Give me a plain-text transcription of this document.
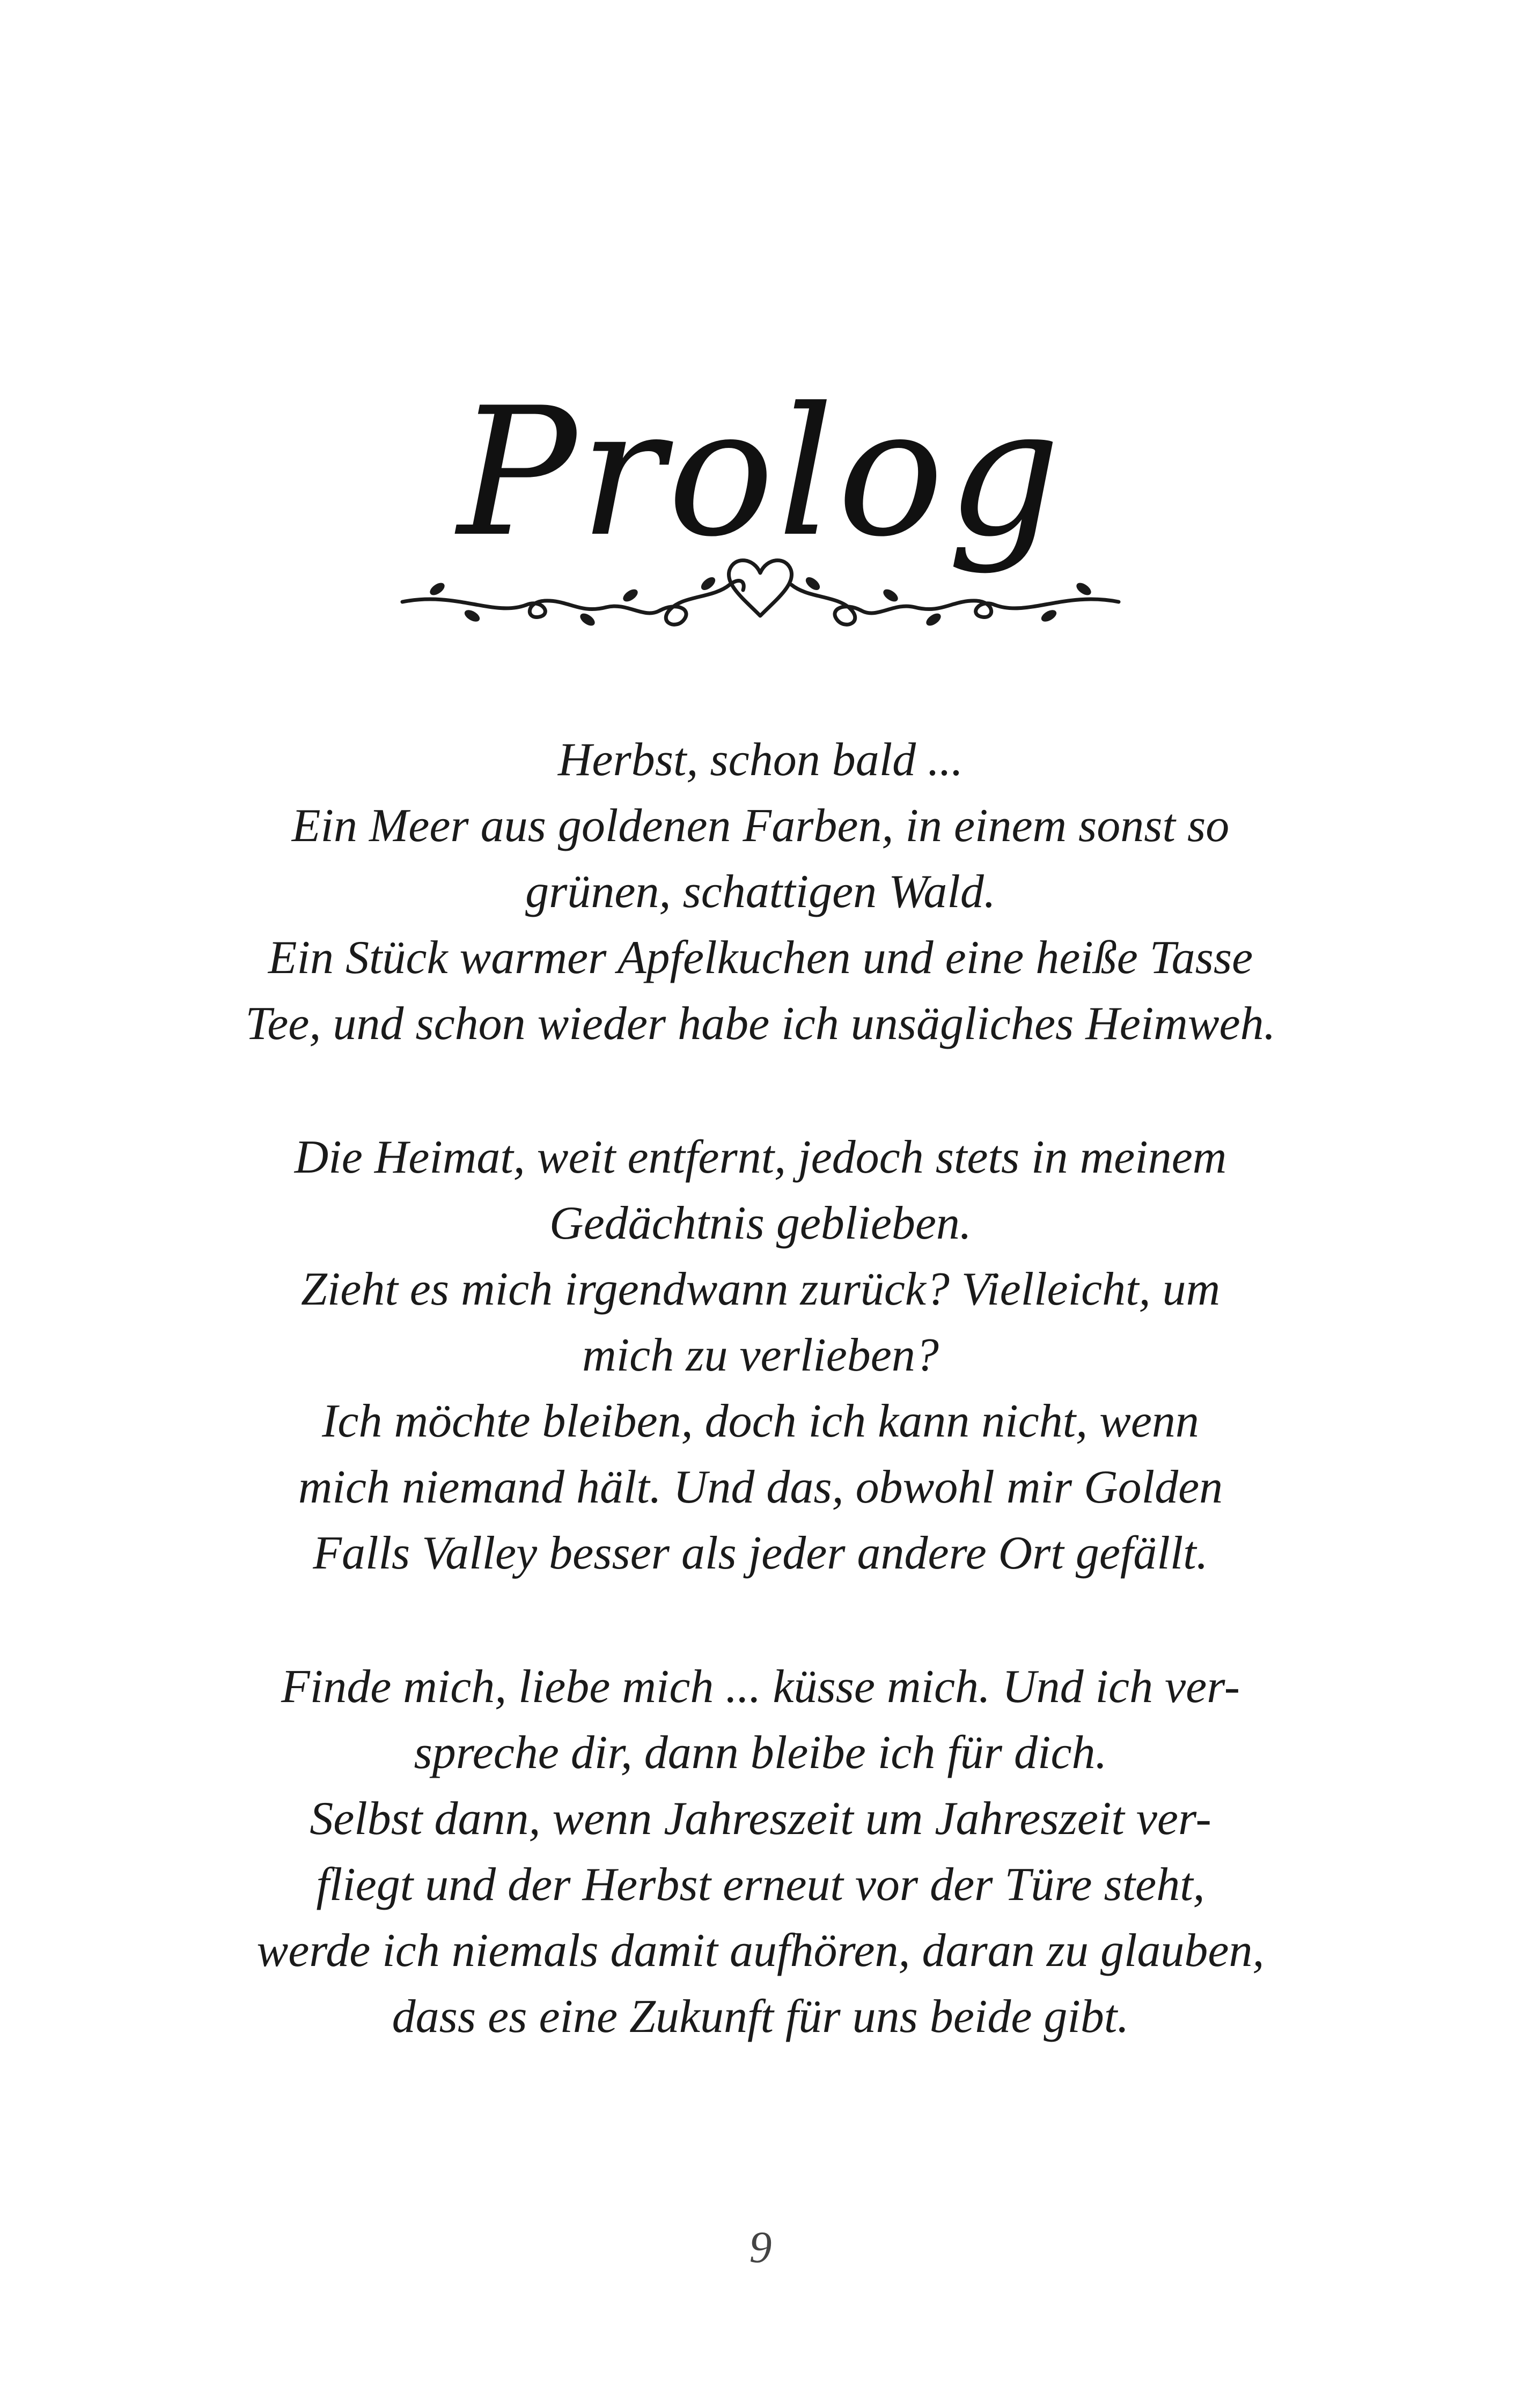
Prolog
Herbst, schon bald ...
Ein Meer aus goldenen Farben, in einem sonst so
grünen, schattigen Wald.
Ein Stück warmer Apfelkuchen und eine heiße Tasse
Tee, und schon wieder habe ich unsägliches Heimweh.
Die Heimat, weit entfernt, jedoch stets in meinem
Gedächtnis geblieben.
Zieht es mich irgendwann zurück? Vielleicht, um
mich zu verlieben?
Ich möchte bleiben, doch ich kann nicht, wenn
mich niemand hält. Und das, obwohl mir Golden
Falls Valley besser als jeder andere Ort gefällt.
Finde mich, liebe mich ... küsse mich. Und ich ver-
spreche dir, dann bleibe ich für dich.
Selbst dann, wenn Jahreszeit um Jahreszeit ver-
fliegt und der Herbst erneut vor der Türe steht,
werde ich niemals damit aufhören, daran zu glauben,
dass es eine Zukunft für uns beide gibt.
9
